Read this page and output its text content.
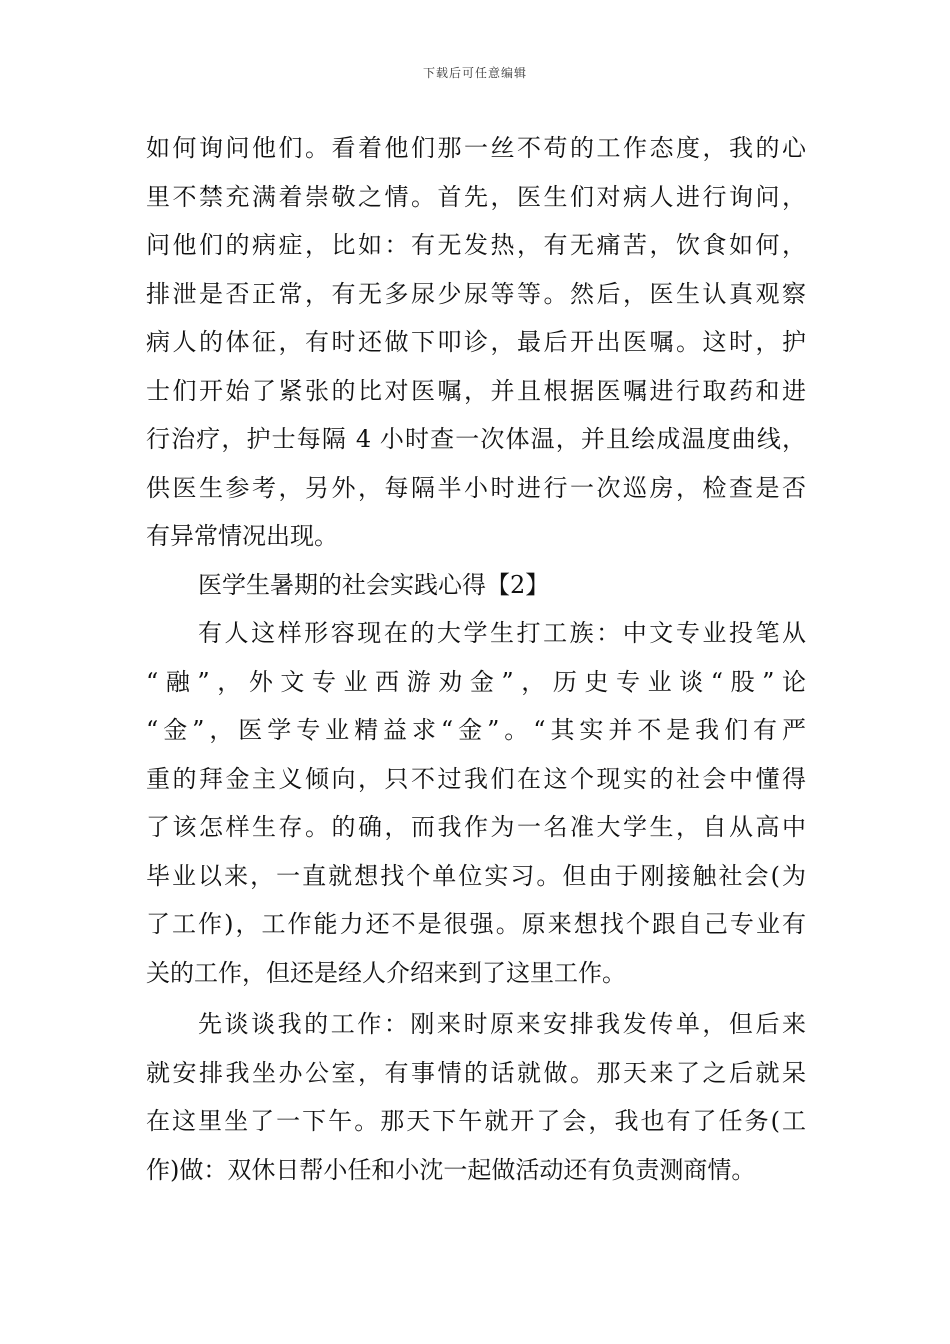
下载后可任意编辑
如何询问他们。看着他们那一丝不苟的工作态度，我的心
里不禁充满着崇敬之情。首先，医生们对病人进行询问，
问他们的病症，比如：有无发热，有无痛苦，饮食如何，
排泄是否正常，有无多尿少尿等等。然后，医生认真观察
病人的体征，有时还做下叩诊，最后开出医嘱。这时，护
士们开始了紧张的比对医嘱，并且根据医嘱进行取药和进
行治疗，护士每隔 4 小时查一次体温，并且绘成温度曲线，
供医生参考，另外，每隔半小时进行一次巡房，检查是否
有异常情况出现。
医学生暑期的社会实践心得【2】
有人这样形容现在的大学生打工族：中文专业投笔从
“融”，外文专业西游劝金”，历史专业谈“股”论
“金”，医学专业精益求“金”。“其实并不是我们有严
重的拜金主义倾向，只不过我们在这个现实的社会中懂得
了该怎样生存。的确，而我作为一名准大学生，自从高中
毕业以来，一直就想找个单位实习。但由于刚接触社会(为
了工作)，工作能力还不是很强。原来想找个跟自己专业有
关的工作，但还是经人介绍来到了这里工作。
先谈谈我的工作：刚来时原来安排我发传单，但后来
就安排我坐办公室，有事情的话就做。那天来了之后就呆
在这里坐了一下午。那天下午就开了会，我也有了任务(工
作)做：双休日帮小任和小沈一起做活动还有负责测商情。
